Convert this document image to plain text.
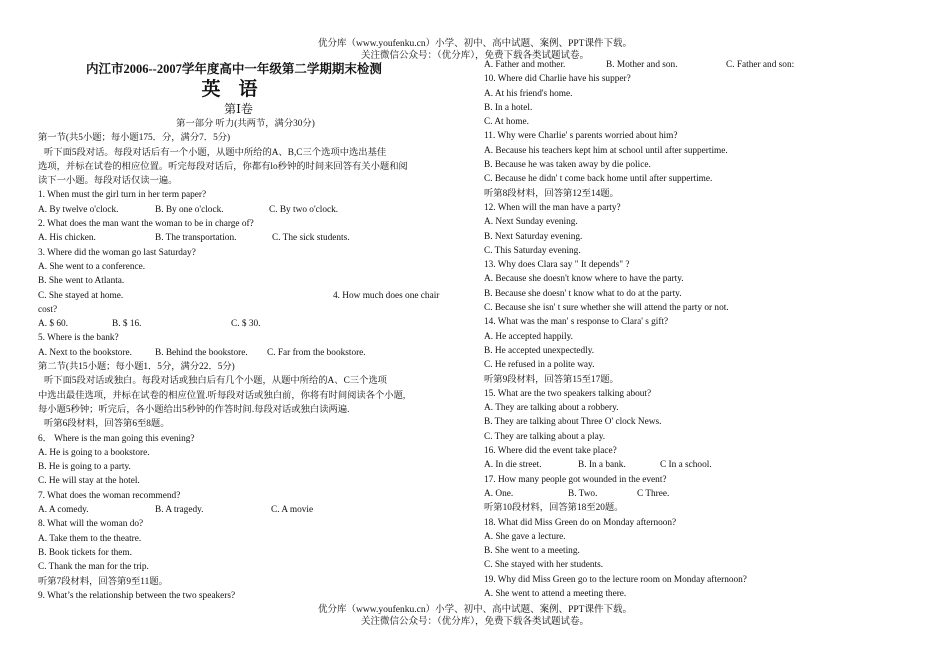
优分库（www.youfenku.cn）小学、初中、高中试题、案例、PPT课件下载。
关注微信公众号：（优分库），免费下载各类试题试卷。
内江市2006--2007学年度高中一年级第二学期期末检测
英语
第Ⅰ卷
第一部分 听力(共两节，满分30分)
第一节(共5小题；每小题175．分，满分7．5分)
听下面5段对话。每段对话后有一个小题，从题中所给的A、B,C三个选项中选出基佳
选项，并标在试卷的相应位置。听完每段对话后，你都有lo秒钟的时间来回答有关小题和阅
读下一小题。每段对话仅读一遍。
1. When must the girl turn in her term paper?
A. By twelve o'clock.	B. By one o'clock.	C. By two o'clock.
2. What does the man want the woman to be in charge of?
A. His chicken.	B. The transportation.	C. The sick students.
3. Where did the woman go last Saturday?
A. She went to a conference.
B. She went to Atlanta.
C. She stayed at home.	4. How much does one chair
cost?
A. $ 60.	B. $ 16.	C. $ 30.
5. Where is the bank?
A. Next to the bookstore. B. Behind the bookstore. C. Far from the bookstore.
第二节(共15小题；每小题1．5分，满分22．5分)
听下面5段对话或独白。每段对话或独白后有几个小题，从题中所给的A、C三个选项
中选出最佳选项，并标在试卷的相应位置.听每段对话或独白前，你将有时间阅读各个小题,
每小题5秒钟；听完后，各小题给出5秒钟的作答时间.每段对话或独白读两遍.
听第6段材料，回答第6至8题。
6． Where is the man going this evening?
A. He is going to a bookstore.
B. He is going to a party.
C. He will stay at the hotel.
7. What does the woman recommend?
A. A comedy.	B. A tragedy.	C. A movie
8. What will the woman do?
A. Take them to the theatre.
B. Book tickets for them.
C. Thank the man for the trip.
听第7段材料，回答第9至11题。
9. What’s the relationship between the two speakers?
A. Father and mother.	B. Mother and son.	C. Father and son:
10. Where did Charlie have his supper?
A. At his friend's home.
B. In a hotel.
C. At home.
11. Why were Charlie' s parents worried about him?
A. Because his teachers kept him at school until after suppertime.
B. Because he was taken away by die police.
C. Because he didn' t come back home until after suppertime.
听第8段材料，回答第12至14题。
12. When will the man have a party?
A. Next Sunday evening.
B. Next Saturday evening.
C. This Saturday evening.
13. Why does Clara say " It depends" ?
A. Because she doesn't know where to have the party.
B. Because she doesn' t know what to do at the party.
C. Because she isn' t sure whether she will attend the party or not.
14. What was the man' s response to Clara' s gift?
A. He accepted happily.
B. He accepted unexpectedly.
C. He refused in a polite way.
听第9段材料，回答第15至17题。
15. What are the two speakers talking about?
A. They are talking about a robbery.
B. They are talking about Three O' clock News.
C. They are talking about a play.
16. Where did the event take place?
A. In die street.	B. In a bank.	C In a school.
17. How many people got wounded in the event?
A. One.	B. Two.	C Three.
听第10段材料，回答第18至20题。
18. What did Miss Green do on Monday afternoon?
A. She gave a lecture.
B. She went to a meeting.
C. She stayed with her students.
19. Why did Miss Green go to the lecture room on Monday afternoon?
A. She went to attend a meeting there.
优分库（www.youfenku.cn）小学、初中、高中试题、案例、PPT课件下载。
关注微信公众号：（优分库），免费下载各类试题试卷。
